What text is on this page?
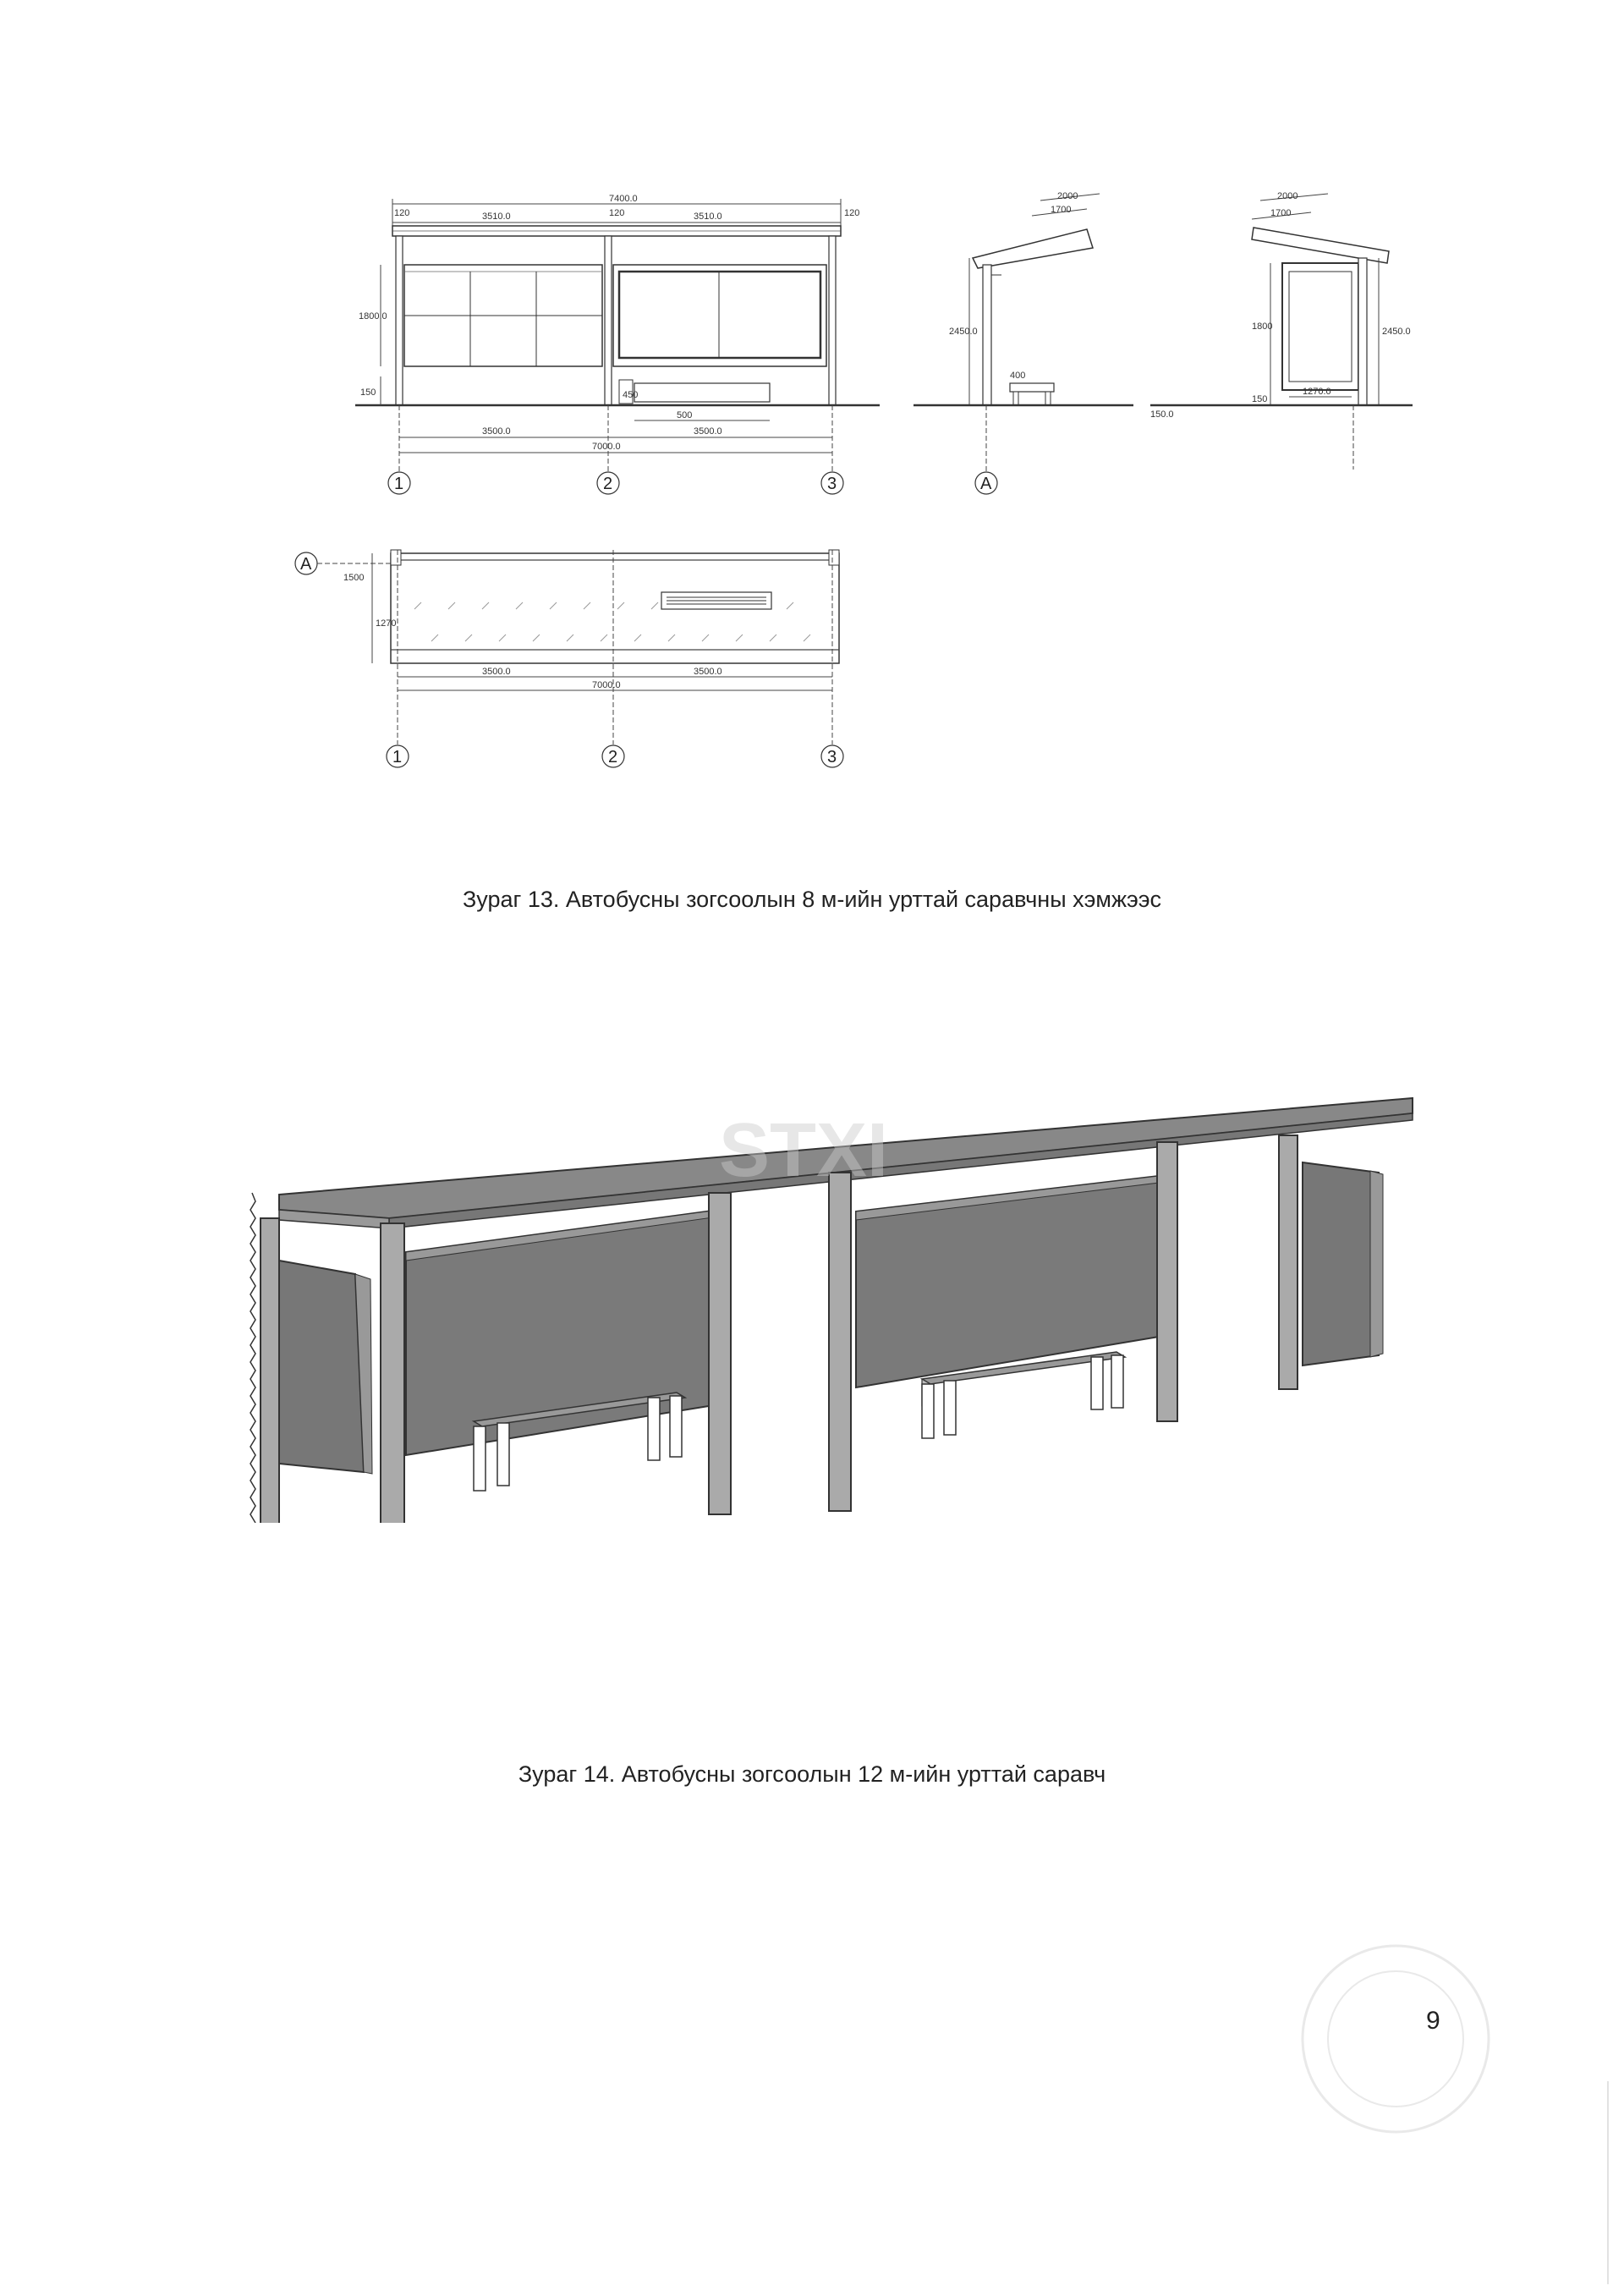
7400.0
3510.0	3510.0
120	120	120
450
1800.0
150
500
3500.0	3500.0
7000.0
1	2	3
2000
1700
400
2450.0
A
2000
1700
1800
150
2450.0
1270.0
150.0
A
1500
1270
3500.0	3500.0
7000.0
1	2	3
Зураг 13. Автобусны зогсоолын 8 м-ийн урттай саравчны хэмжээс
STXI
Зураг 14. Автобусны зогсоолын 12 м-ийн урттай саравч
9
